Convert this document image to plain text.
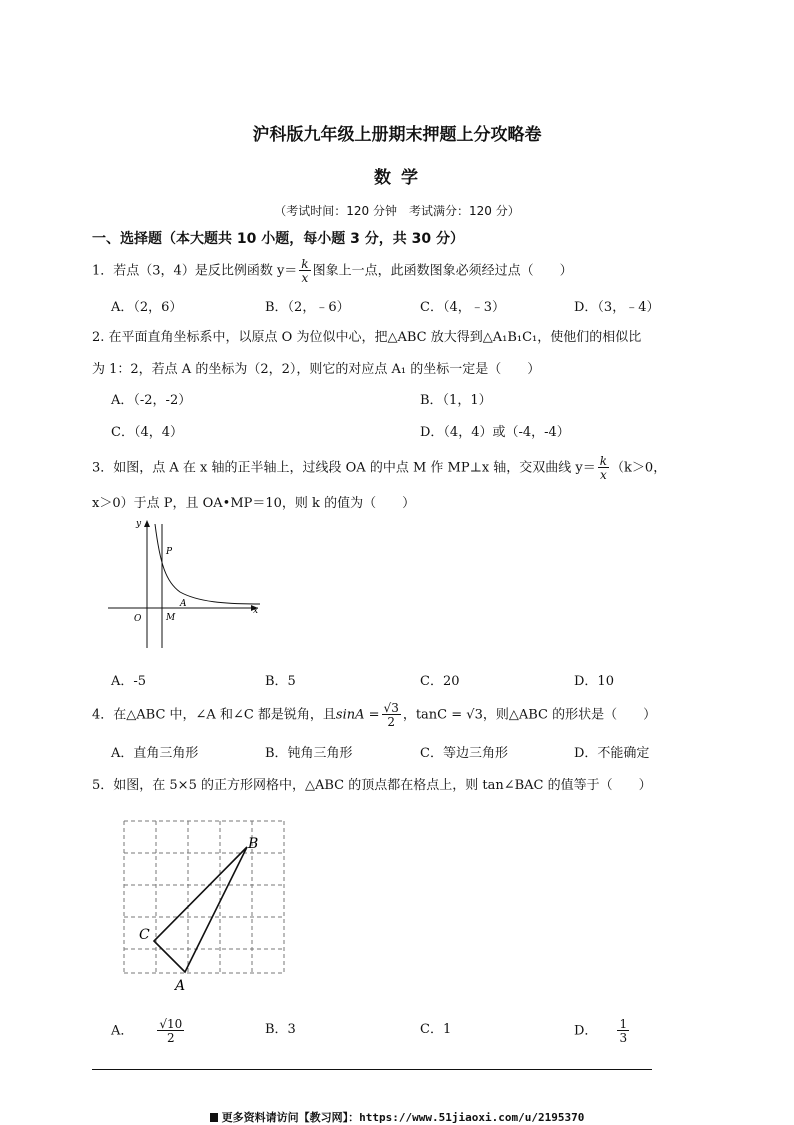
沪科版九年级上册期末押题上分攻略卷
数 学
（考试时间：120 分钟　考试满分：120 分）
一、选择题（本大题共 10 小题，每小题 3 分，共 30 分）
1．若点（3，4）是反比例函数 $y= \frac{k}{x}$ 图象上一点，此函数图象必须经过点（　　）
A．（2，6）	B．（2，﹣6）	C．（4，﹣3）	D．（3，﹣4）
2. 在平面直角坐标系中，以原点 O 为位似中心，把△ABC 放大得到△A₁B₁C₁，使他们的相似比
为 1：2，若点 A 的坐标为（2，2），则它的对应点 A₁ 的坐标一定是（　　）
A．（-2，-2）	B．（1，1）
C．（4，4）	D．（4，4）或（-4，-4）
3．如图，点 A 在 x 轴的正半轴上，过线段 OA 的中点 M 作 MP⊥x 轴，交双曲线 $y= \frac{k}{x} (k>0$，
x＞0）于点 P，且 OA•MP＝10，则 k 的值为（　　）
y
x
O	M
A
P
A．-5	B．5	C．20	D．10
4．在△ABC 中，∠A 和∠C 都是锐角，且$\sin A = \frac{√3}{2}$ ，tanC = √3，则△ABC 的形状是（　　）
A．直角三角形	B．钝角三角形	C．等边三角形	D．不能确定
5．如图，在 5×5 的正方形网格中，△ABC 的顶点都在格点上，则 tan∠BAC 的值等于（　　）
B
C
A
A． $\frac{√10}{2}$	B．3	C．1	D． $\frac{1}{3}$
更多资料请访问【教习网】：https://www.51jiaoxi.com/u/2195370
